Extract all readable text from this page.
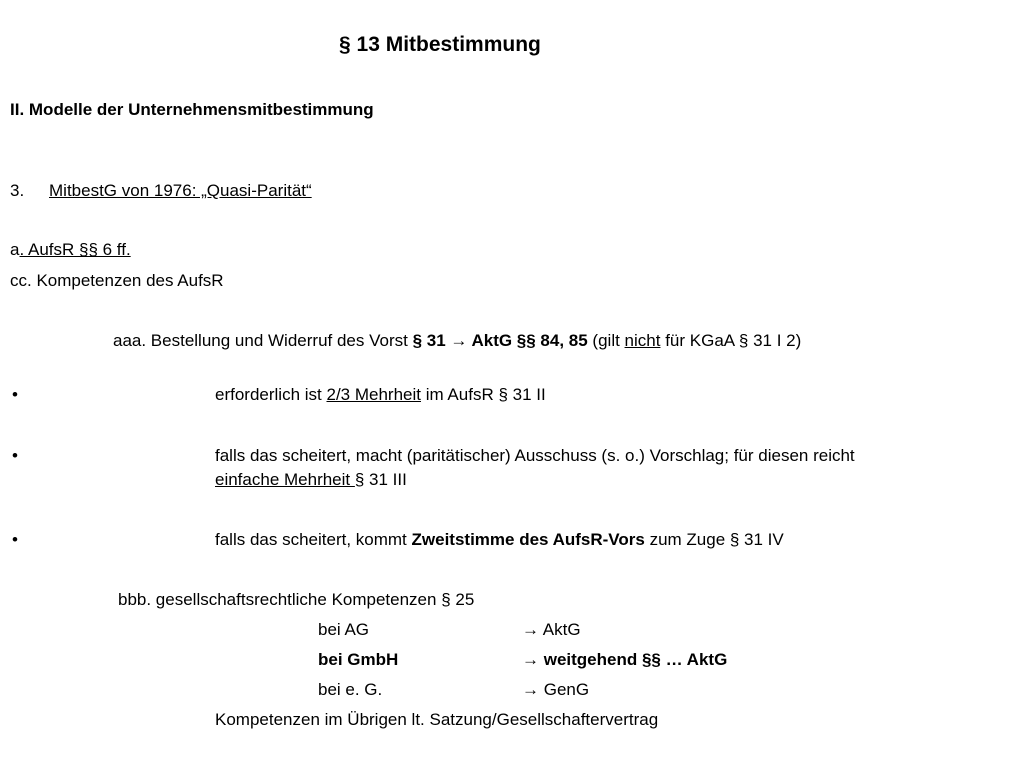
§ 13 Mitbestimmung
II. Modelle der Unternehmensmitbestimmung
3. MitbestG von 1976: „Quasi-Parität“
a. AufsR §§ 6 ff.
cc. Kompetenzen des AufsR
aaa. Bestellung und Widerruf des Vorst § 31 → AktG §§ 84, 85 (gilt nicht für KGaA § 31 I 2)
•	erforderlich ist 2/3 Mehrheit im AufsR § 31 II
•	falls das scheitert, macht (paritätischer) Ausschuss (s. o.) Vorschlag; für diesen reicht
einfache Mehrheit § 31 III
•	falls das scheitert, kommt Zweitstimme des AufsR-Vors zum Zuge § 31 IV
bbb. gesellschaftsrechtliche Kompetenzen § 25
bei AG	→ AktG
bei GmbH	→ weitgehend §§ … AktG
bei e. G.	→ GenG
Kompetenzen im Übrigen lt. Satzung/Gesellschaftervertrag
